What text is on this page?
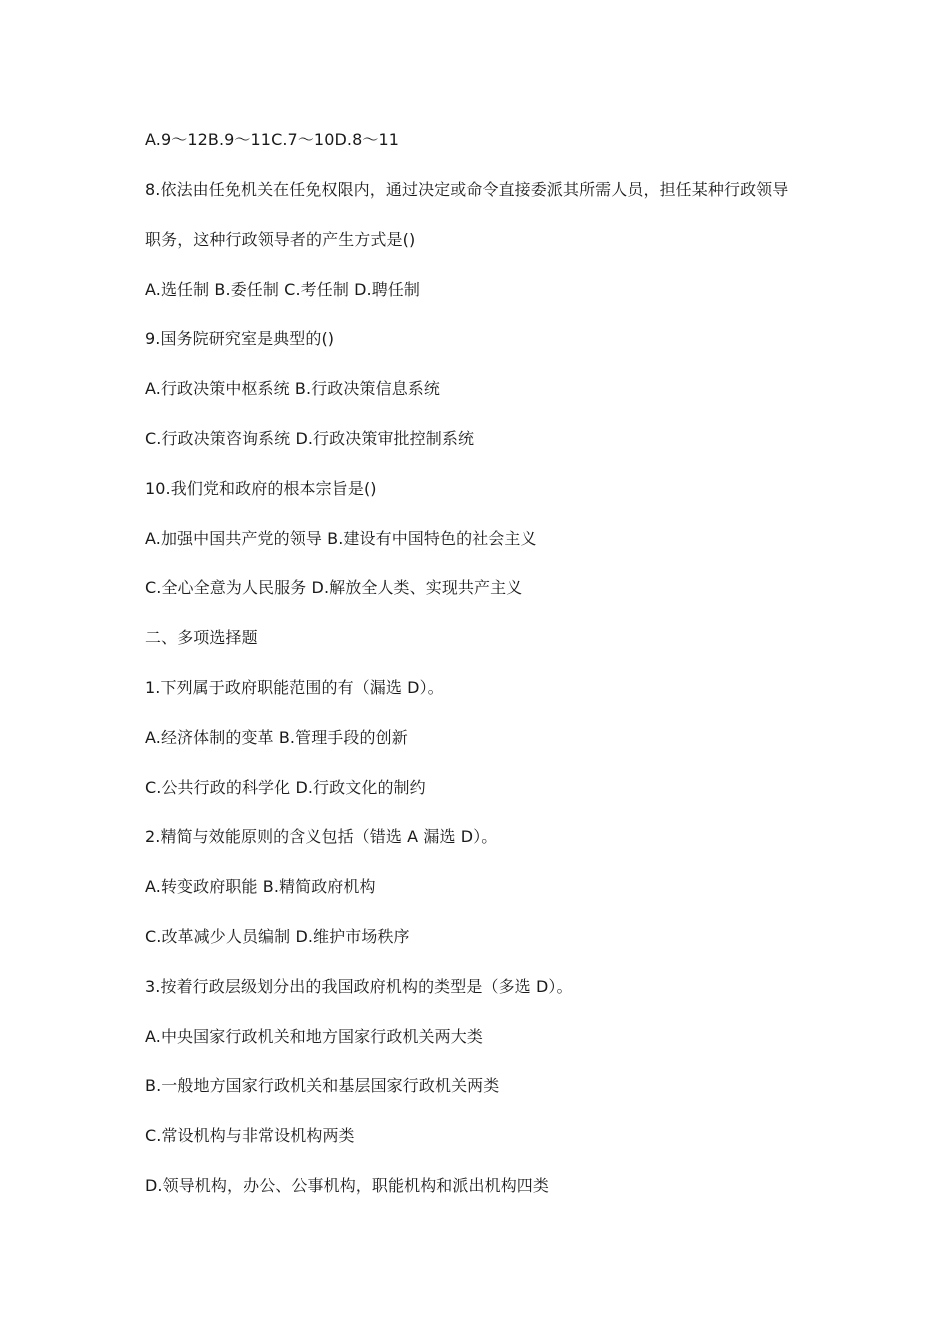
A.9～12B.9～11C.7～10D.8～11
8.依法由任免机关在任免权限内，通过决定或命令直接委派其所需人员，担任某种行政领导
职务，这种行政领导者的产生方式是()
A.选任制 B.委任制 C.考任制 D.聘任制
9.国务院研究室是典型的()
A.行政决策中枢系统 B.行政决策信息系统
C.行政决策咨询系统 D.行政决策审批控制系统
10.我们党和政府的根本宗旨是()
A.加强中国共产党的领导 B.建设有中国特色的社会主义
C.全心全意为人民服务 D.解放全人类、实现共产主义
二、多项选择题
1.下列属于政府职能范围的有（漏选 D）。
A.经济体制的变革 B.管理手段的创新
C.公共行政的科学化 D.行政文化的制约
2.精简与效能原则的含义包括（错选 A 漏选 D）。
A.转变政府职能 B.精简政府机构
C.改革减少人员编制 D.维护市场秩序
3.按着行政层级划分出的我国政府机构的类型是（多选 D）。
A.中央国家行政机关和地方国家行政机关两大类
B.一般地方国家行政机关和基层国家行政机关两类
C.常设机构与非常设机构两类
D.领导机构，办公、公事机构，职能机构和派出机构四类
